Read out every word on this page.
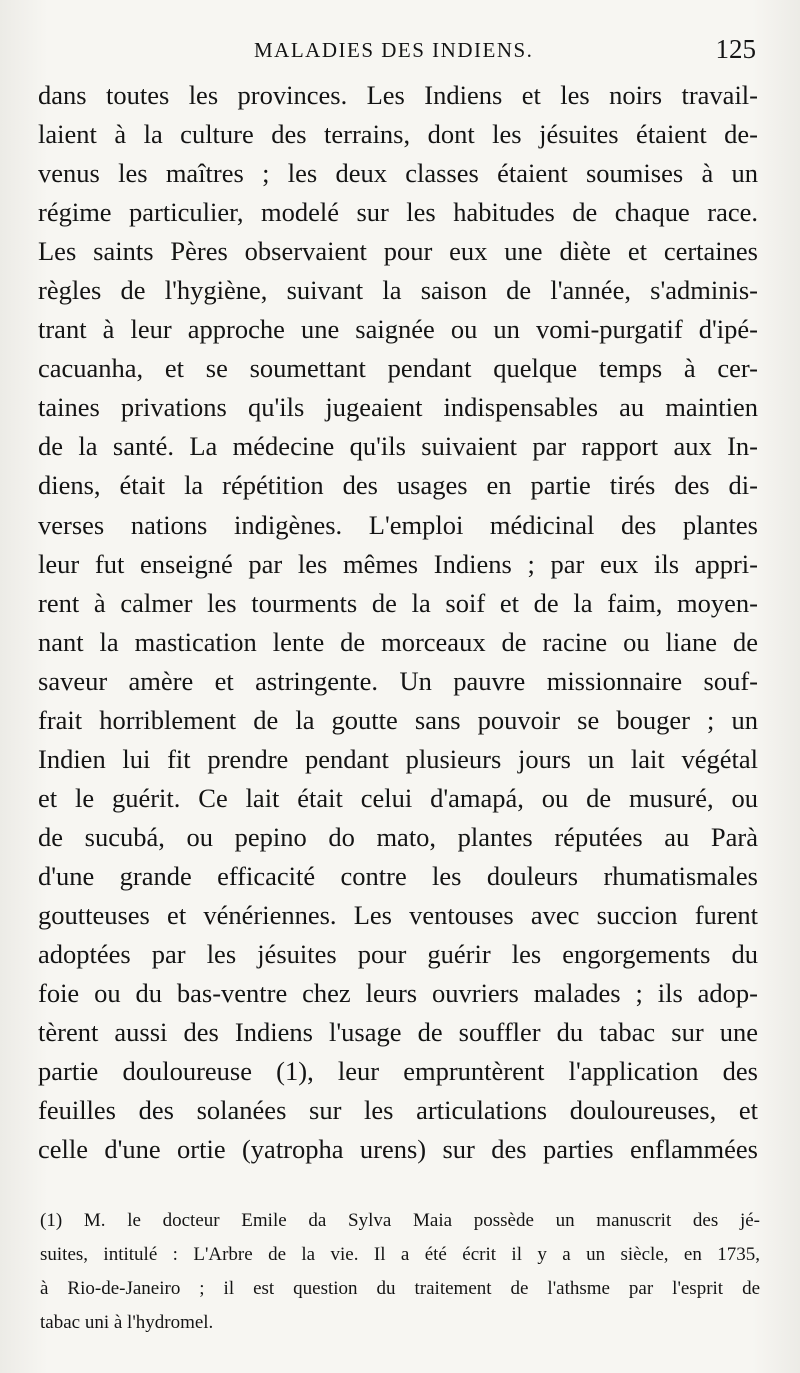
MALADIES DES INDIENS.	125
dans toutes les provinces. Les Indiens et les noirs travail-
laient à la culture des terrains, dont les jésuites étaient de-
venus les maîtres ; les deux classes étaient soumises à un
régime particulier, modelé sur les habitudes de chaque race.
Les saints Pères observaient pour eux une diète et certaines
règles de l'hygiène, suivant la saison de l'année, s'adminis-
trant à leur approche une saignée ou un vomi-purgatif d'ipé-
cacuanha, et se soumettant pendant quelque temps à cer-
taines privations qu'ils jugeaient indispensables au maintien
de la santé. La médecine qu'ils suivaient par rapport aux In-
diens, était la répétition des usages en partie tirés des di-
verses nations indigènes. L'emploi médicinal des plantes
leur fut enseigné par les mêmes Indiens ; par eux ils appri-
rent à calmer les tourments de la soif et de la faim, moyen-
nant la mastication lente de morceaux de racine ou liane de
saveur amère et astringente. Un pauvre missionnaire souf-
frait horriblement de la goutte sans pouvoir se bouger ; un
Indien lui fit prendre pendant plusieurs jours un lait végétal
et le guérit. Ce lait était celui d'amapá, ou de musuré, ou
de sucubá, ou pepino do mato, plantes réputées au Parà
d'une grande efficacité contre les douleurs rhumatismales
goutteuses et vénériennes. Les ventouses avec succion furent
adoptées par les jésuites pour guérir les engorgements du
foie ou du bas-ventre chez leurs ouvriers malades ; ils adop-
tèrent aussi des Indiens l'usage de souffler du tabac sur une
partie douloureuse (1), leur empruntèrent l'application des
feuilles des solanées sur les articulations douloureuses, et
celle d'une ortie (yatropha urens) sur des parties enflammées
(1) M. le docteur Emile da Sylva Maia possède un manuscrit des jé-
suites, intitulé : L'Arbre de la vie. Il a été écrit il y a un siècle, en 1735,
à Rio-de-Janeiro ; il est question du traitement de l'athsme par l'esprit de
tabac uni à l'hydromel.
